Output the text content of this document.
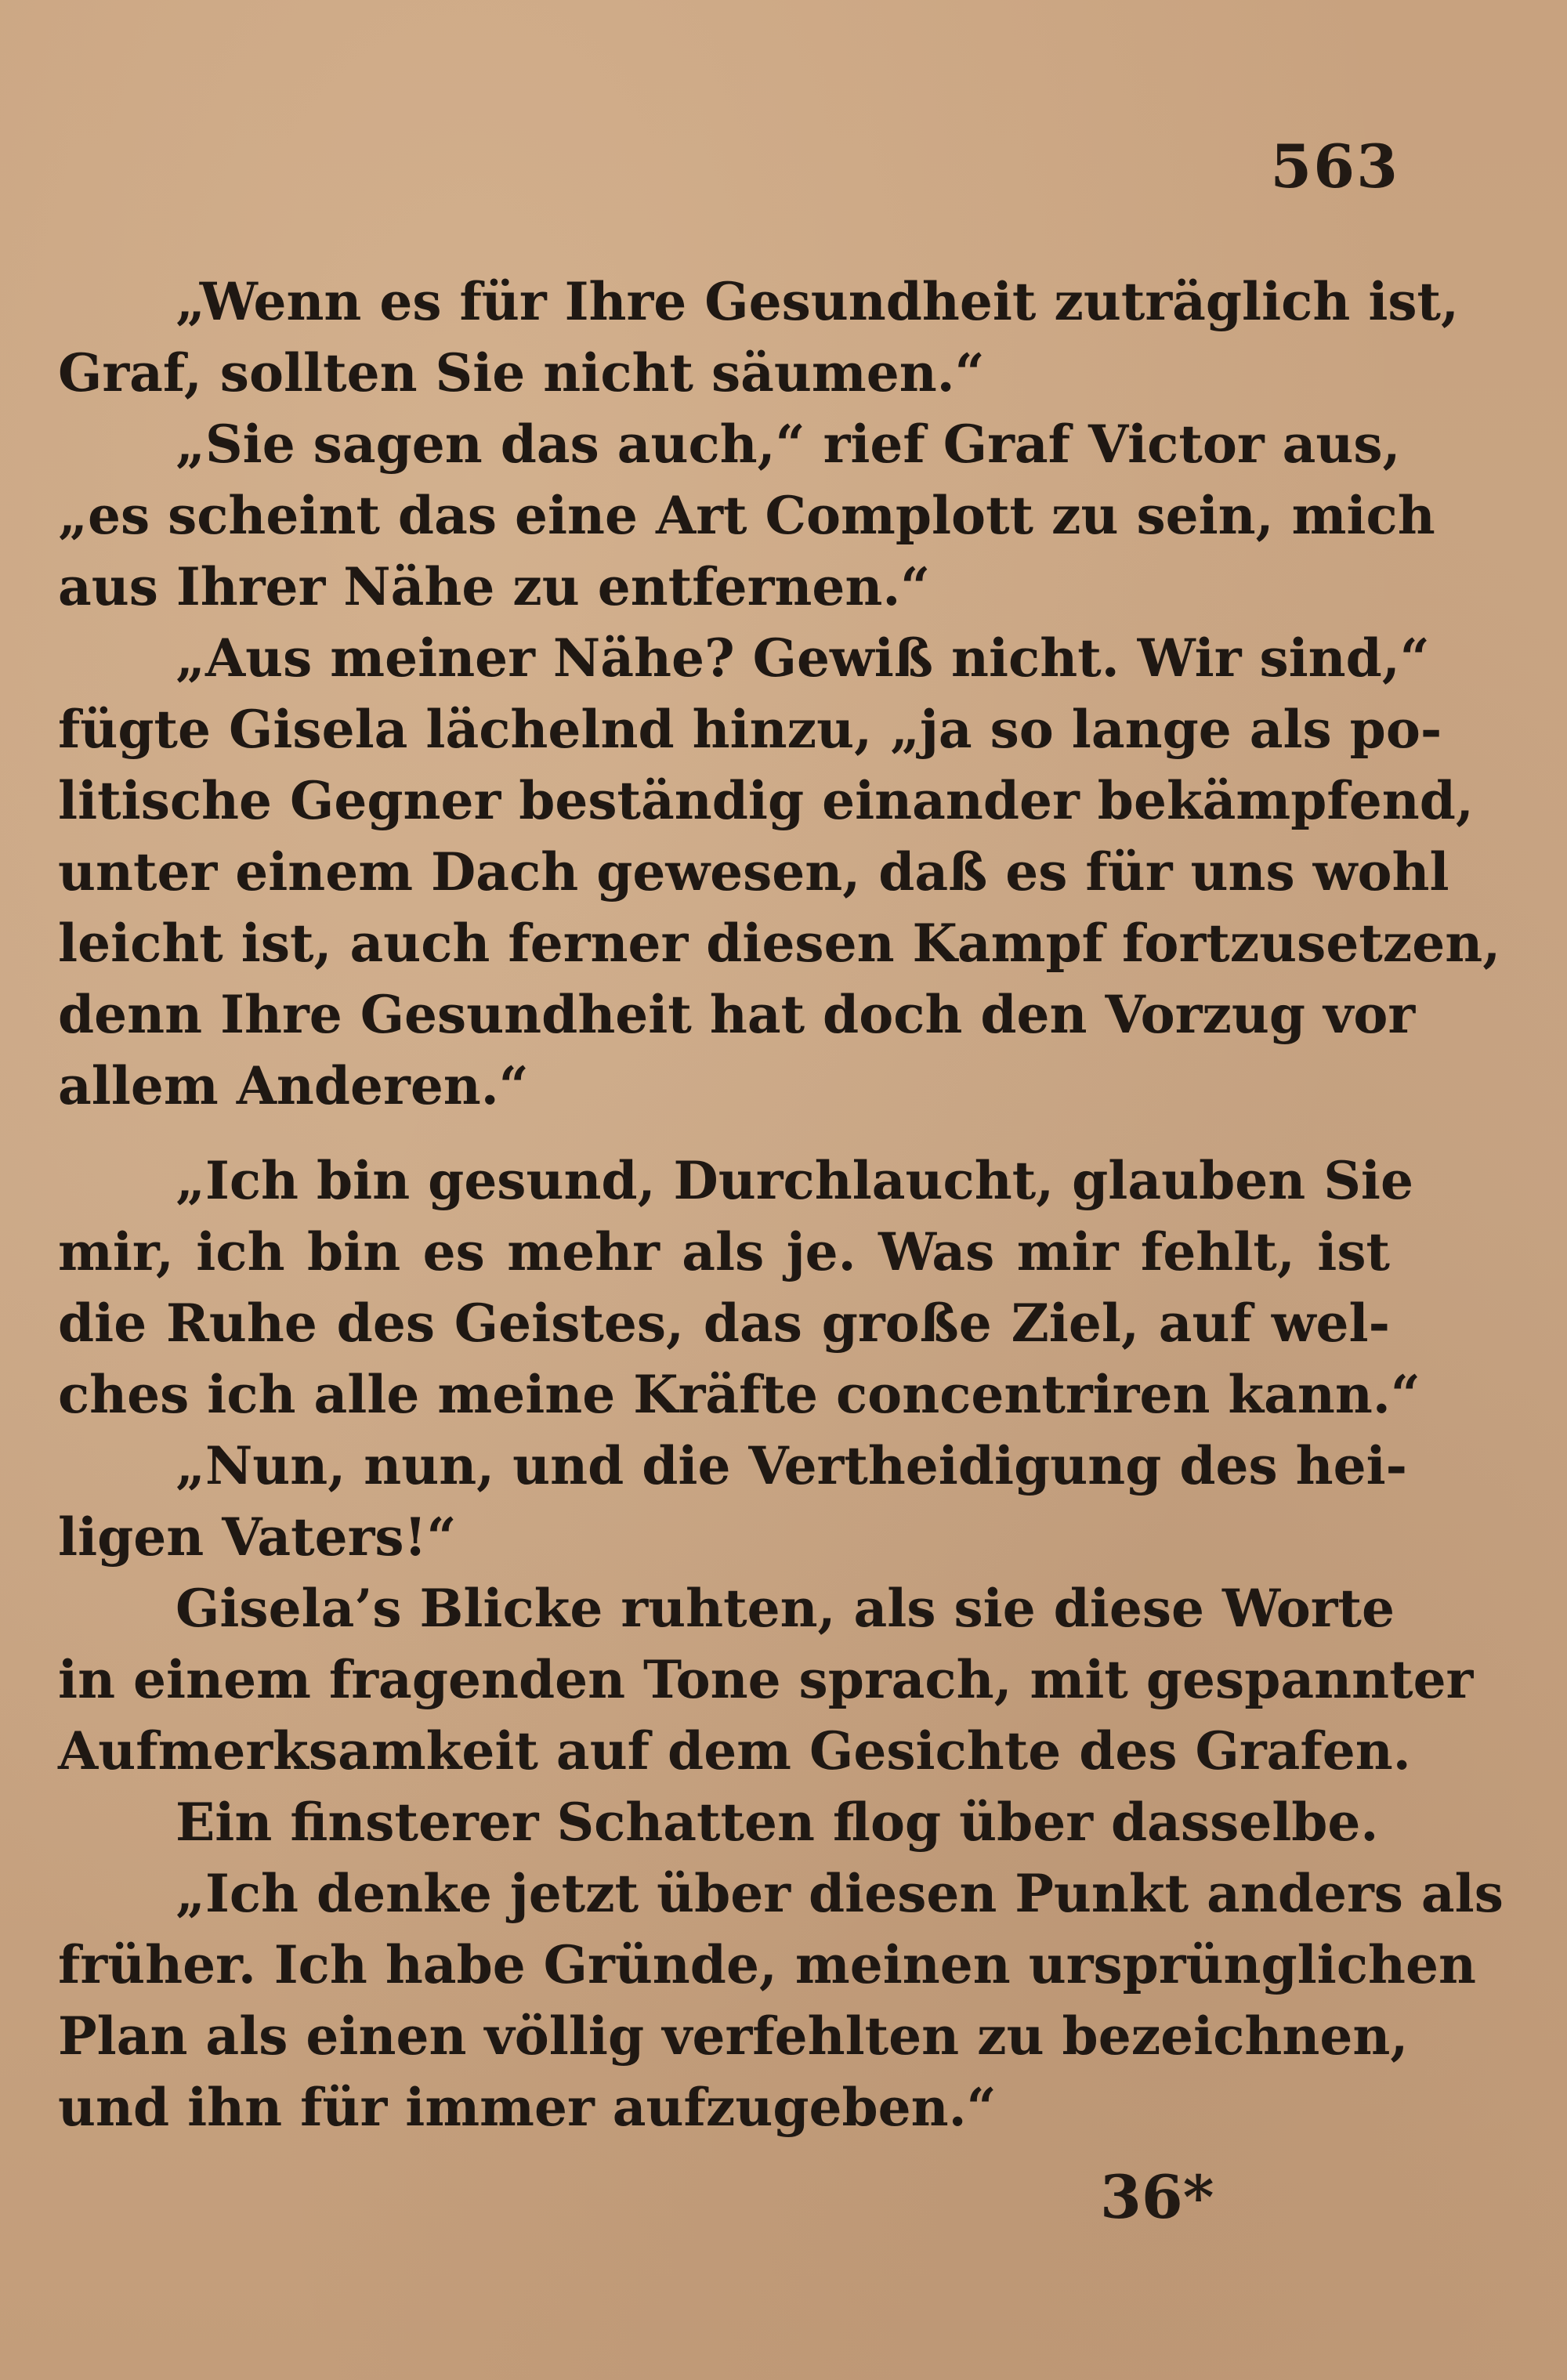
563
„Wenn es für Ihre Gesundheit zuträglich ist,
Graf, sollten Sie nicht säumen.“
„Sie sagen das auch,“ rief Graf Victor aus,
„es scheint das eine Art Complott zu sein, mich
aus Ihrer Nähe zu entfernen.“
„Aus meiner Nähe? Gewiß nicht. Wir sind,“
fügte Gisela lächelnd hinzu, „ja so lange als po-
litische Gegner beständig einander bekämpfend,
unter einem Dach gewesen, daß es für uns wohl
leicht ist, auch ferner diesen Kampf fortzusetzen,
denn Ihre Gesundheit hat doch den Vorzug vor
allem Anderen.“
„Ich bin gesund, Durchlaucht, glauben Sie
mir, ich bin es mehr als je. Was mir fehlt, ist
die Ruhe des Geistes, das große Ziel, auf wel-
ches ich alle meine Kräfte concentriren kann.“
„Nun, nun, und die Vertheidigung des hei-
ligen Vaters!“
Gisela’s Blicke ruhten, als sie diese Worte
in einem fragenden Tone sprach, mit gespannter
Aufmerksamkeit auf dem Gesichte des Grafen.
Ein finsterer Schatten flog über dasselbe.
„Ich denke jetzt über diesen Punkt anders als
früher. Ich habe Gründe, meinen ursprünglichen
Plan als einen völlig verfehlten zu bezeichnen,
und ihn für immer aufzugeben.“
36*
